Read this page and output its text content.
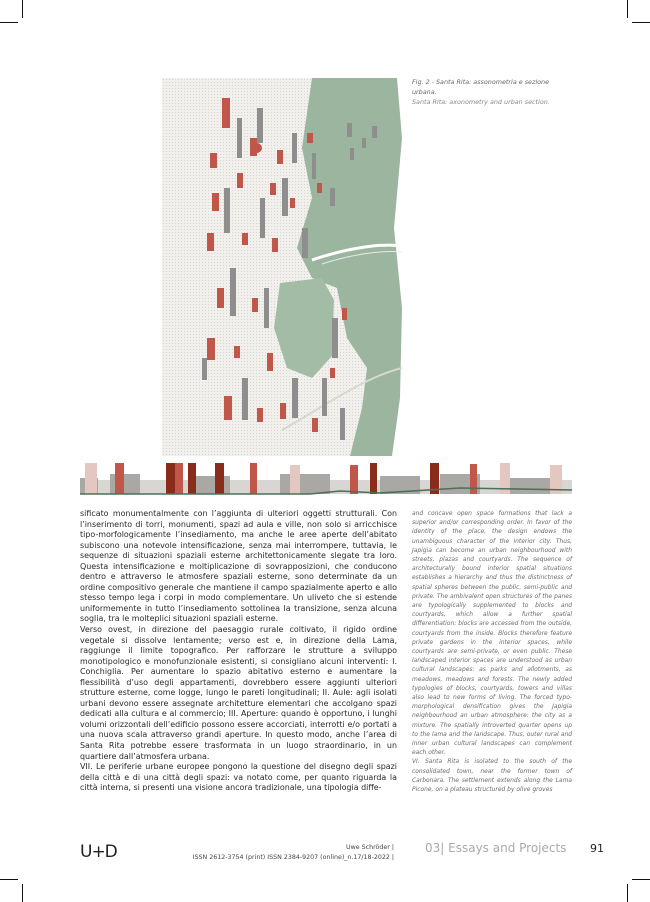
Fig. 2 - Santa Rita: assonometria e sezione urbana.

Santa Rita: axonometry and urban section.

sificato monumentalmente con l’aggiunta di ulteriori oggetti strutturali. Con l’inserimento di torri, monumenti, spazi ad aula e ville, non solo si arricchisce tipo-morfologicamente l’insediamento, ma anche le aree aperte dell’abitato subiscono una notevole intensificazione, senza mai interrompere, tuttavia, le sequenze di situazioni spaziali esterne architettonicamente slegate tra loro. Questa intensificazione e moltiplicazione di sovrapposizioni, che conducono dentro e attraverso le atmosfere spaziali esterne, sono determinate da un ordine compositivo generale che mantiene il campo spazialmente aperto e allo stesso tempo lega i corpi in modo complementare. Un uliveto che si estende uniformemente in tutto l’insediamento sottolinea la transizione, senza alcuna soglia, tra le molteplici situazioni spaziali esterne.

Verso ovest, in direzione del paesaggio rurale coltivato, il rigido ordine vegetale si dissolve lentamente; verso est e, in direzione della Lama, raggiunge il limite topografico. Per rafforzare le strutture a sviluppo monotipologico e monofunzionale esistenti, si consigliano alcuni interventi: I. Conchiglia. Per aumentare lo spazio abitativo esterno e aumentare la flessibilità d’uso degli appartamenti, dovrebbero essere aggiunti ulteriori strutture esterne, come logge, lungo le pareti longitudinali; II. Aule: agli isolati urbani devono essere assegnate architetture elementari che accolgano spazi dedicati alla cultura e al commercio; III. Aperture: quando è opportuno, i lunghi volumi orizzontali dell’edificio possono essere accorciati, interrotti e/o portati a una nuova scala attraverso grandi aperture. In questo modo, anche l’area di Santa Rita potrebbe essere trasformata in un luogo straordinario, in un quartiere dall’atmosfera urbana.

VII. Le periferie urbane europee pongono la questione del disegno degli spazi della città e di una città degli spazi: va notato come, per quanto riguarda la città interna, si presenti una visione ancora tradizionale, una tipologia diffe-

and concave open space formations that lack a superior and/or corresponding order. In favor of the identity of the place, the design endows the unambiguous character of the interior city. Thus, Japigia can become an urban neighbourhood with streets, plazas and courtyards. The sequence of architecturally bound interior spatial situations establishes a hierarchy and thus the distinctness of spatial spheres between the public, semi-public and private. The ambivalent open structures of the panes are typologically supplemented to blocks and courtyards, which allow a further spatial differentiation: blocks are accessed from the outside, courtyards from the inside. Blocks therefore feature private gardens in the interior spaces, while courtyards are semi-private, or even public. These landscaped interior spaces are understood as urban cultural landscapes: as parks and allotments, as meadows, meadows and forests. The newly added typologies of blocks, courtyards, towers and villas also lead to new forms of living. The forced typo-morphological densification gives the Japigia neighbourhood an urban atmosphere: the city as a mixture. The spatially introverted quarter opens up to the lama and the landscape. Thus, outer rural and inner urban cultural landscapes can complement each other.

VI. Santa Rita is isolated to the south of the consolidated town, near the former town of Carbonara. The settlement extends along the Lama Picone, on a plateau structured by olive groves

U+D	Uwe Schröder |
ISSN 2612-3754 (print) ISSN 2384-9207 (online)_n.17/18-2022 |
03| Essays and Projects 91
